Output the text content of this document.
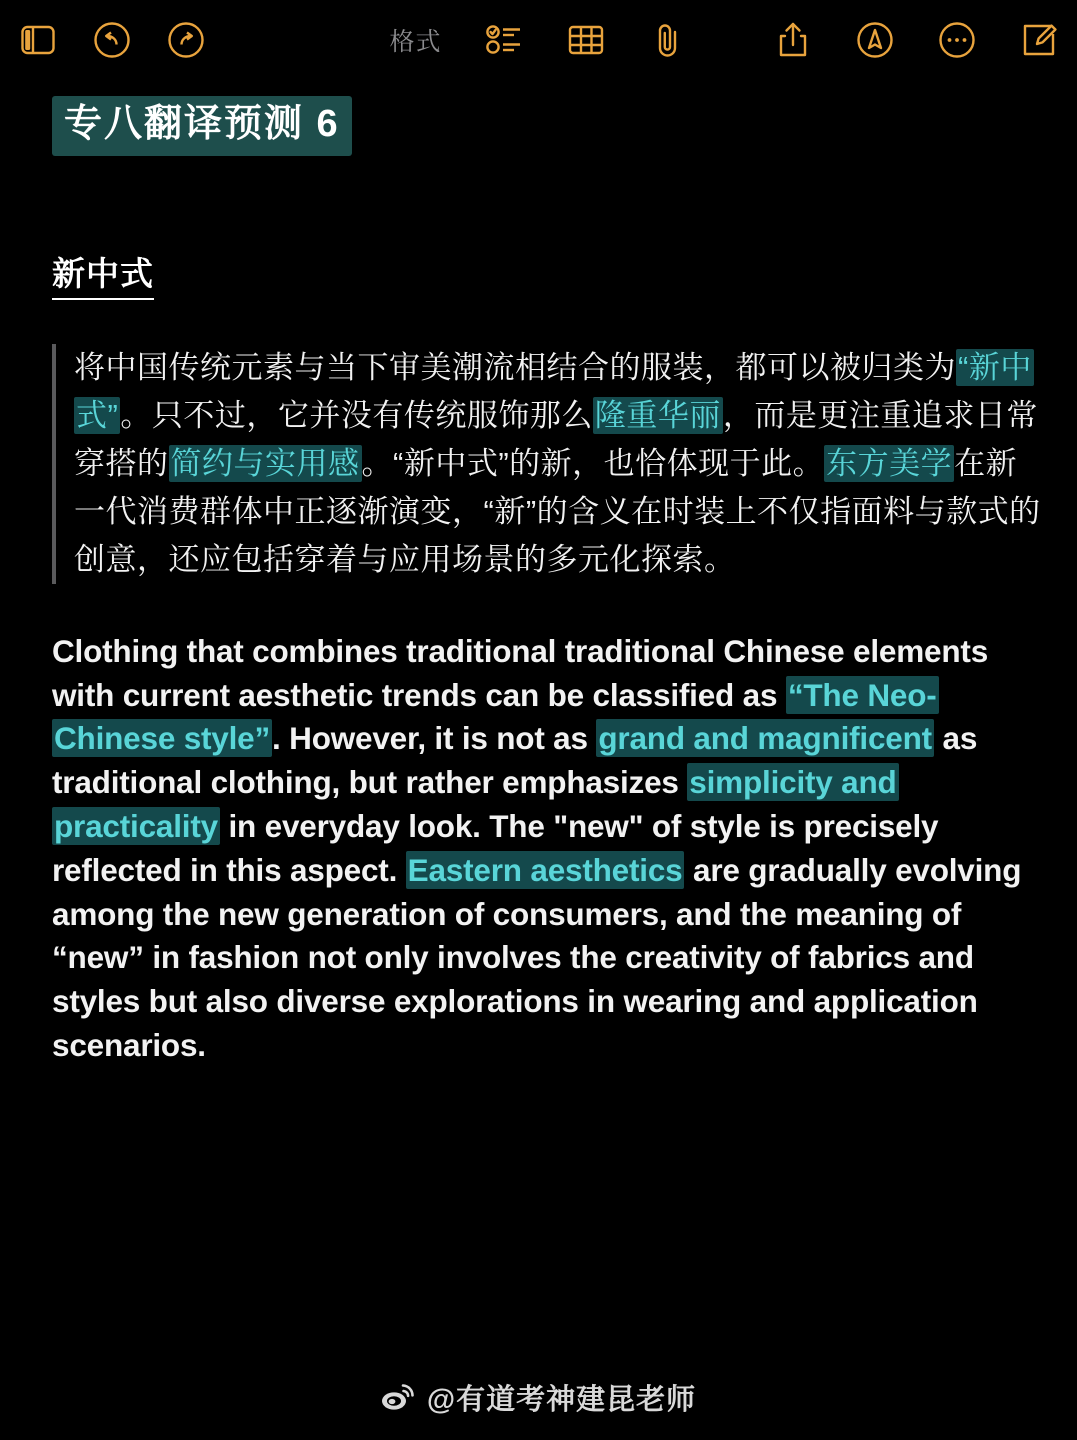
格式
专八翻译预测 6
新中式
将中国传统元素与当下审美潮流相结合的服装，都可以被归类为“新中式”。只不过，它并没有传统服饰那么隆重华丽，而是更注重追求日常穿搭的简约与实用感。“新中式”的新，也恰体现于此。东方美学在新一代消费群体中正逐渐演变，“新”的含义在时装上不仅指面料与款式的创意，还应包括穿着与应用场景的多元化探索。
Clothing that combines traditional traditional Chinese elements with current aesthetic trends can be classified as “The Neo-Chinese style”. However, it is not as grand and magnificent as traditional clothing, but rather emphasizes simplicity and practicality in everyday look. The "new" of style is precisely reflected in this aspect. Eastern aesthetics are gradually evolving among the new generation of consumers, and the meaning of “new” in fashion not only involves the creativity of fabrics and styles but also diverse explorations in wearing and application scenarios.
@有道考神建昆老师
